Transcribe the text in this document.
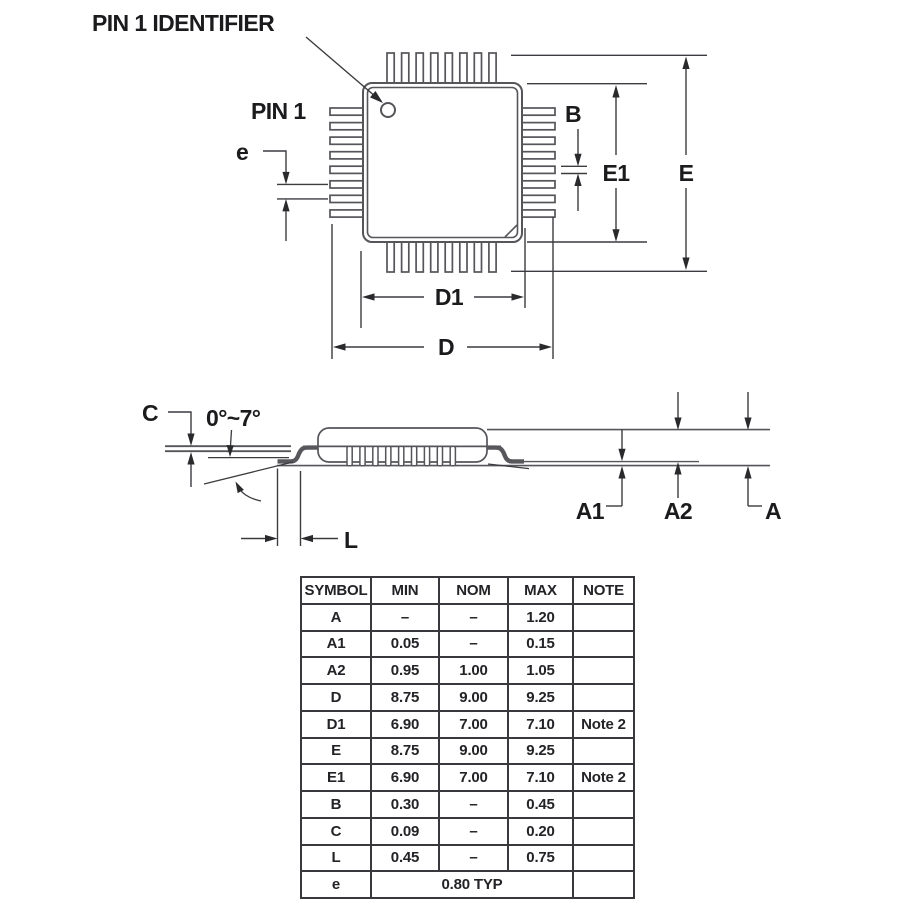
PIN 1 IDENTIFIER
PIN 1
e
B
E1 E
D1
D
C 0°~7°
L
A1	A2	A
SYMBOL	MIN	NOM	MAX	NOTE
A	–	–	1.20	
A1	0.05	–	0.15	
A2	0.95	1.00	1.05	
D	8.75	9.00	9.25	
D1	6.90	7.00	7.10	Note 2
E	8.75	9.00	9.25	
E1	6.90	7.00	7.10	Note 2
B	0.30	–	0.45	
C	0.09	–	0.20	
L	0.45	–	0.75	
e	0.80 TYP			
